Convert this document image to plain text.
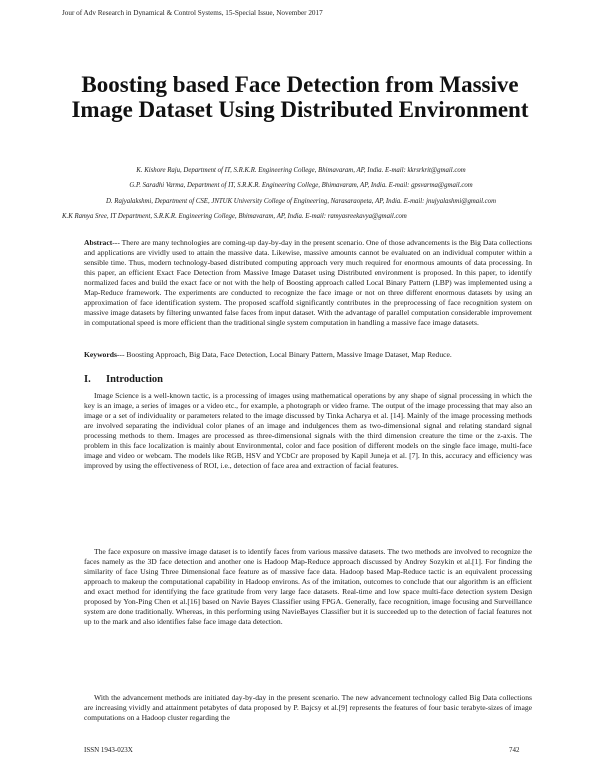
Jour of Adv Research in Dynamical & Control Systems, 15-Special Issue, November 2017
Boosting based Face Detection from Massive Image Dataset Using Distributed Environment

K. Kishore Raju, Department of IT, S.R.K.R. Engineering College, Bhimavaram, AP, India. E-mail: kkrsrkrit@gmail.com

G.P. Saradhi Varma, Department of IT, S.R.K.R. Engineering College, Bhimavaram, AP, India. E-mail: gpsvarma@gmail.com

D. Rajyalakshmi, Department of CSE, JNTUK University College of Engineering, Narasaraopeta, AP, India. E-mail: jnujyalashmi@gmail.com

K.K Ramya Sree, IT Department, S.R.K.R. Engineering College, Bhimavaram, AP, India. E-mail: ramyasreekavya@gmail.com

Abstract--- There are many technologies are coming-up day-by-day in the present scenario. One of those advancements is the Big Data collections and applications are vividly used to attain the massive data. Likewise, massive amounts cannot be evaluated on an individual computer within a sensible time. Thus, modern technology-based distributed computing approach very much required for enormous amounts of data processing. In this paper, an efficient Exact Face Detection from Massive Image Dataset using Distributed environment is proposed. In this paper, to identify normalized faces and build the exact face or not with the help of Boosting approach called Local Binary Pattern (LBP) was implemented using a Map-Reduce framework. The experiments are conducted to recognize the face image or not on three different enormous datasets by using an approximation of face identification system. The proposed scaffold significantly contributes in the preprocessing of face recognition system on massive image datasets by filtering unwanted false faces from input dataset. With the advantage of parallel computation considerable improvement in computational speed is more efficient than the traditional single system computation in handling a massive face image datasets.

Keywords--- Boosting Approach, Big Data, Face Detection, Local Binary Pattern, Massive Image Dataset, Map Reduce.

I. Introduction

Image Science is a well-known tactic, is a processing of images using mathematical operations by any shape of signal processing in which the key is an image, a series of images or a video etc., for example, a photograph or video frame. The output of the image processing that may also an image or a set of individuality or parameters related to the image discussed by Tinka Acharya et al. [14]. Mainly of the image processing methods are involved separating the individual color planes of an image and indulgences them as two-dimensional signal and relating standard signal processing methods to them. Images are processed as three-dimensional signals with the third dimension creature the time or the z-axis. The problem in this face localization is mainly about Environmental, color and face position of different models on the single face image, multi-face image and video or webcam. The models like RGB, HSV and YCbCr are proposed by Kapil Juneja et al. [7]. In this, accuracy and efficiency was improved by using the effectiveness of ROI, i.e., detection of face area and extraction of facial features.

The face exposure on massive image dataset is to identify faces from various massive datasets. The two methods are involved to recognize the faces namely as the 3D face detection and another one is Hadoop Map-Reduce approach discussed by Andrey Sozykin et al.[1]. For finding the similarity of face Using Three Dimensional face feature as of massive face data. Hadoop based Map-Reduce tactic is an equivalent processing approach to makeup the computational capability in Hadoop environs. As of the imitation, outcomes to conclude that our algorithm is an efficient and exact method for identifying the face gratitude from very large face datasets. Real-time and low space multi-face detection system Design proposed by Yon-Ping Chen et al.[16] based on Navie Bayes Classifier using FPGA. Generally, face recognition, image focusing and Surveillance system are done traditionally. Whereas, in this performing using NavieBayes Classifier but it is succeeded up to the detection of facial features not up to the mark and also identifies false face image data detection.

With the advancement methods are initiated day-by-day in the present scenario. The new advancement technology called Big Data collections are increasing vividly and attainment petabytes of data proposed by P. Bajcsy et al.[9] represents the features of four basic terabyte-sizes of image computations on a Hadoop cluster regarding the

ISSN 1943-023X	742
